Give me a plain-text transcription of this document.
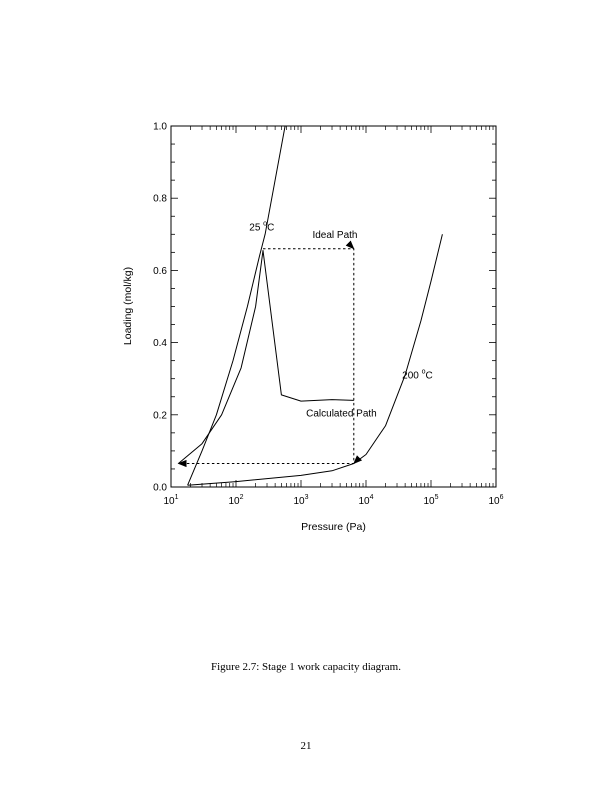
$10^1$	$10^2$	$10^3$	$10^4$	$10^5$	$10^6$
0.0
0.2
0.4
0.6
0.8
1.0
25 $^o$C
Ideal Path
200 $^o$C
Calculated Path
Pressure (Pa)
Loading (mol/kg)
Figure 2.7: Stage 1 work capacity diagram.
21
